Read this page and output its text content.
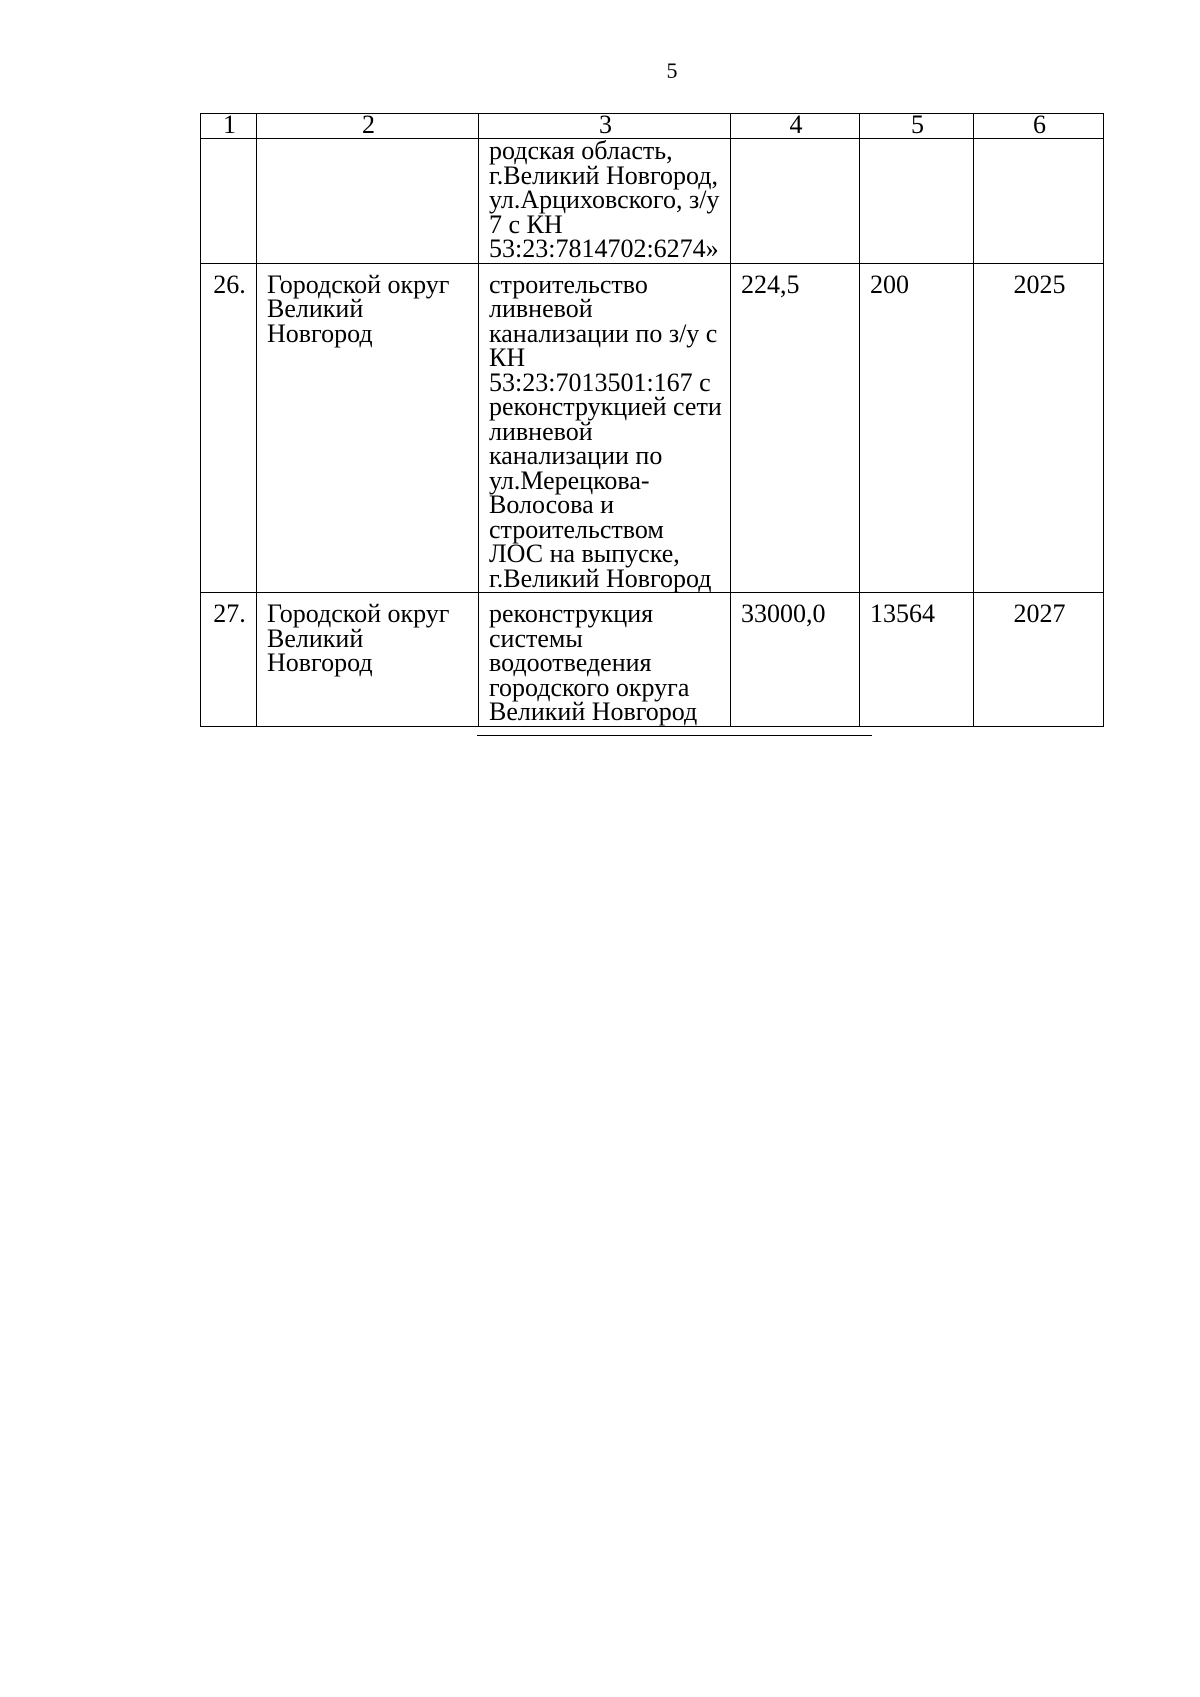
5
1	2	3	4	5	6
		родская область, г.Великий Новгород, ул.Арциховского, з/у 7 с КН 53:23:7814702:6274»			
26.	Городской округ Великий Новгород	строительство ливневой канализации по з/у с КН 53:23:7013501:167 с реконструкцией сети ливневой канализации по ул.Мерецкова-Волосова и строительством ЛОС на выпуске, г.Великий Новгород	224,5	200	2025
27.	Городской округ Великий Новгород	реконструкция системы водоотведения городского округа Великий Новгород	33000,0	13564	2027
